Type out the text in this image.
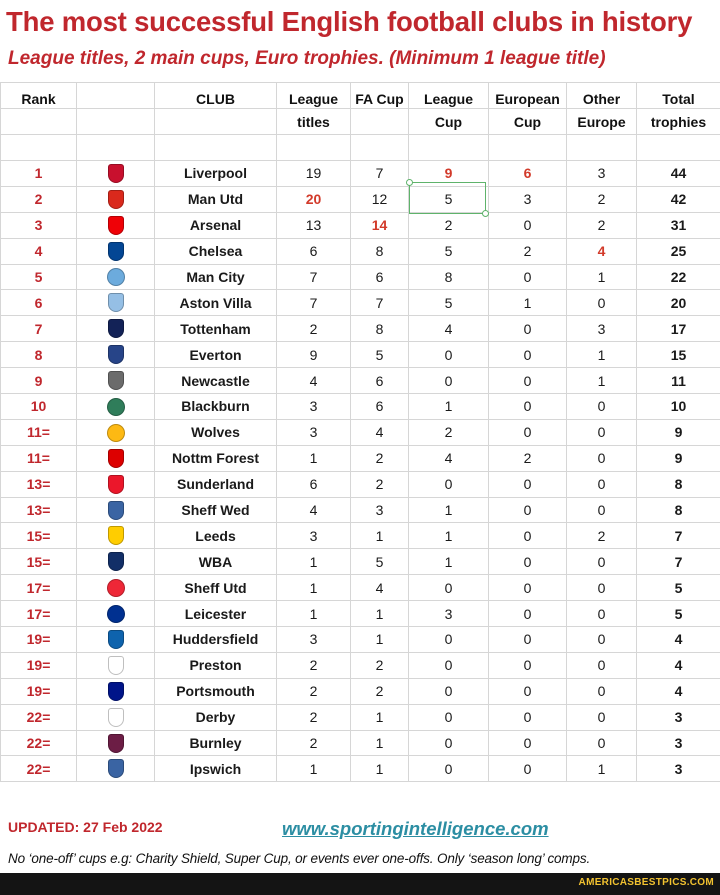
The most successful English football clubs in history
League titles, 2 main cups, Euro trophies. (Minimum 1 league title)
Rank		CLUB	League	FA Cup	League	European	Other	Total
			titles		Cup	Cup	Europe	trophies

1		Liverpool	19	7	9	6	3	44
2		Man Utd	20	12	5	3	2	42
3		Arsenal	13	14	2	0	2	31
4		Chelsea	6	8	5	2	4	25
5		Man City	7	6	8	0	1	22
6		Aston Villa	7	7	5	1	0	20
7		Tottenham	2	8	4	0	3	17
8		Everton	9	5	0	0	1	15
9		Newcastle	4	6	0	0	1	11
10		Blackburn	3	6	1	0	0	10
11=		Wolves	3	4	2	0	0	9
11=		Nottm Forest	1	2	4	2	0	9
13=		Sunderland	6	2	0	0	0	8
13=		Sheff Wed	4	3	1	0	0	8
15=		Leeds	3	1	1	0	2	7
15=		WBA	1	5	1	0	0	7
17=		Sheff Utd	1	4	0	0	0	5
17=		Leicester	1	1	3	0	0	5
19=		Huddersfield	3	1	0	0	0	4
19=		Preston	2	2	0	0	0	4
19=		Portsmouth	2	2	0	0	0	4
22=		Derby	2	1	0	0	0	3
22=		Burnley	2	1	0	0	0	3
22=		Ipswich	1	1	0	0	1	3
UPDATED: 27 Feb 2022	www.sportingintelligence.com
No ‘one-off’ cups e.g: Charity Shield, Super Cup, or events ever one-offs. Only ‘season long’ comps.
AMERICASBESTPICS.COM
